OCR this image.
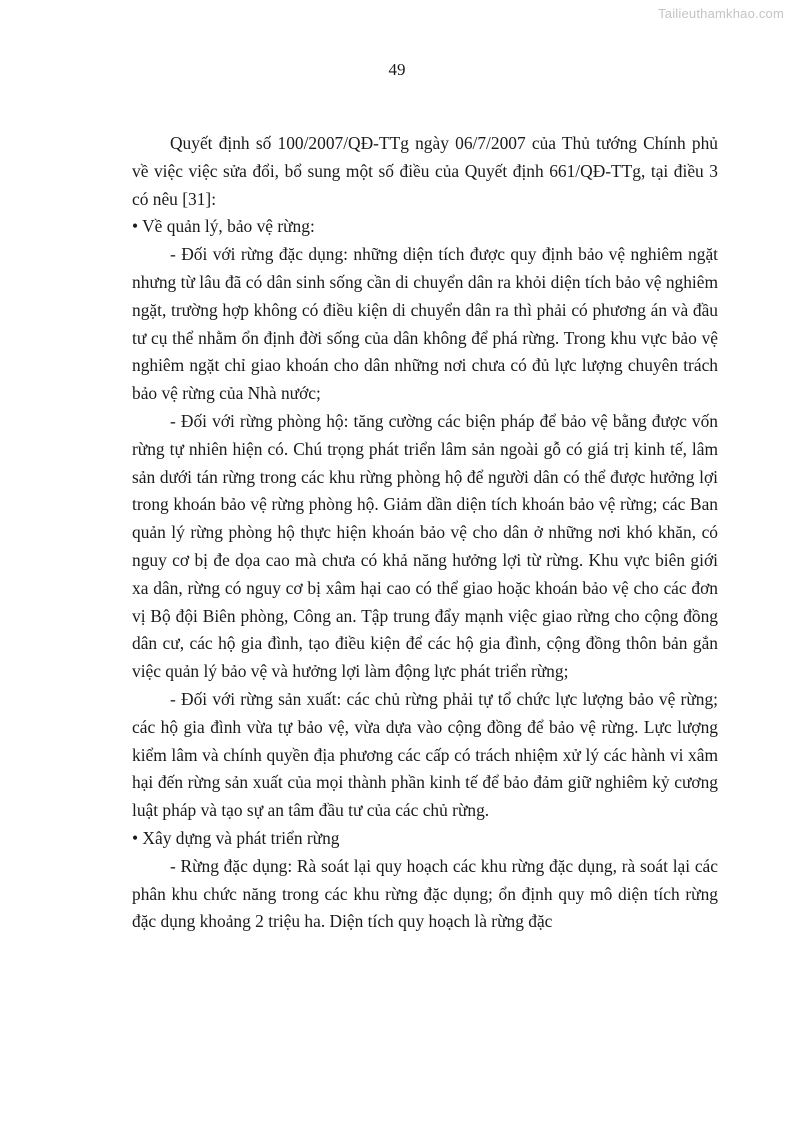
Tailieuthamkhao.com
49

Quyết định số 100/2007/QĐ-TTg ngày 06/7/2007 của Thủ tướng Chính phủ về việc việc sửa đổi, bổ sung một số điều của Quyết định 661/QĐ-TTg, tại điều 3 có nêu [31]:

• Về quản lý, bảo vệ rừng:

- Đối với rừng đặc dụng: những diện tích được quy định bảo vệ nghiêm ngặt nhưng từ lâu đã có dân sinh sống cần di chuyển dân ra khỏi diện tích bảo vệ nghiêm ngặt, trường hợp không có điều kiện di chuyển dân ra thì phải có phương án và đầu tư cụ thể nhằm ổn định đời sống của dân không để phá rừng. Trong khu vực bảo vệ nghiêm ngặt chỉ giao khoán cho dân những nơi chưa có đủ lực lượng chuyên trách bảo vệ rừng của Nhà nước;

- Đối với rừng phòng hộ: tăng cường các biện pháp để bảo vệ bằng được vốn rừng tự nhiên hiện có. Chú trọng phát triển lâm sản ngoài gỗ có giá trị kinh tế, lâm sản dưới tán rừng trong các khu rừng phòng hộ để người dân có thể được hưởng lợi trong khoán bảo vệ rừng phòng hộ. Giảm dần diện tích khoán bảo vệ rừng; các Ban quản lý rừng phòng hộ thực hiện khoán bảo vệ cho dân ở những nơi khó khăn, có nguy cơ bị đe dọa cao mà chưa có khả năng hưởng lợi từ rừng. Khu vực biên giới xa dân, rừng có nguy cơ bị xâm hại cao có thể giao hoặc khoán bảo vệ cho các đơn vị Bộ đội Biên phòng, Công an. Tập trung đẩy mạnh việc giao rừng cho cộng đồng dân cư, các hộ gia đình, tạo điều kiện để các hộ gia đình, cộng đồng thôn bản gắn việc quản lý bảo vệ và hưởng lợi làm động lực phát triển rừng;

- Đối với rừng sản xuất: các chủ rừng phải tự tổ chức lực lượng bảo vệ rừng; các hộ gia đình vừa tự bảo vệ, vừa dựa vào cộng đồng để bảo vệ rừng. Lực lượng kiểm lâm và chính quyền địa phương các cấp có trách nhiệm xử lý các hành vi xâm hại đến rừng sản xuất của mọi thành phần kinh tế để bảo đảm giữ nghiêm kỷ cương luật pháp và tạo sự an tâm đầu tư của các chủ rừng.

• Xây dựng và phát triển rừng

- Rừng đặc dụng: Rà soát lại quy hoạch các khu rừng đặc dụng, rà soát lại các phân khu chức năng trong các khu rừng đặc dụng; ổn định quy mô diện tích rừng đặc dụng khoảng 2 triệu ha. Diện tích quy hoạch là rừng đặc
